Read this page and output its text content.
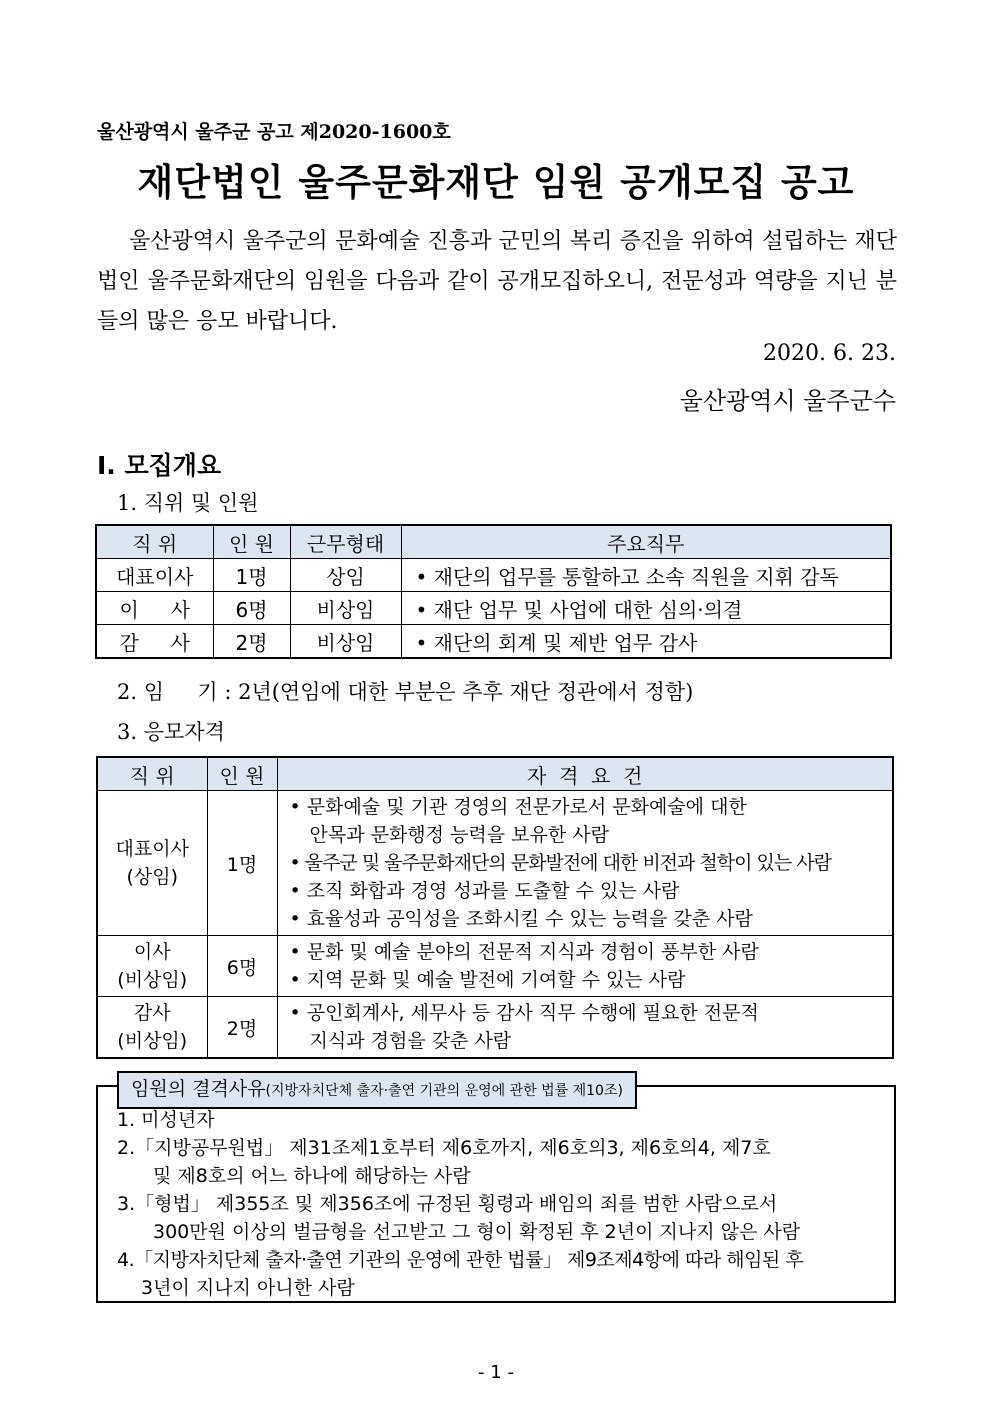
울산광역시 울주군 공고 제2020-1600호
재단법인 울주문화재단 임원 공개모집 공고
울산광역시 울주군의 문화예술 진흥과 군민의 복리 증진을 위하여 설립하는 재단법인 울주문화재단의 임원을 다음과 같이 공개모집하오니, 전문성과 역량을 지닌 분들의 많은 응모 바랍니다.
2020. 6. 23.
울산광역시 울주군수
Ⅰ. 모집개요
1. 직위 및 인원
직 위	인 원	근무형태	주요직무
대표이사	1명	상임	• 재단의 업무를 통할하고 소속 직원을 지휘 감독
이     사	6명	비상임	• 재단 업무 및 사업에 대한 심의·의결
감     사	2명	비상임	• 재단의 회계 및 제반 업무 감사
2. 임     기 : 2년(연임에 대한 부분은 추후 재단 정관에서 정함)
3. 응모자격
직 위	인 원	자  격  요  건

대표이사
(상임)	1명	• 문화예술 및 기관 경영의 전문가로서 문화예술에 대한
안목과 문화행정 능력을 보유한 사람
• 울주군 및 울주문화재단의 문화발전에 대한 비전과 철학이 있는 사람
• 조직 화합과 경영 성과를 도출할 수 있는 사람
• 효율성과 공익성을 조화시킬 수 있는 능력을 갖춘 사람

이사
(비상임)	6명	• 문화 및 예술 분야의 전문적 지식과 경험이 풍부한 사람
• 지역 문화 및 예술 발전에 기여할 수 있는 사람

감사
(비상임)	2명	• 공인회계사, 세무사 등 감사 직무 수행에 필요한 전문적
지식과 경험을 갖춘 사람
임원의 결격사유(지방자치단체 출자·출연 기관의 운영에 관한 법률 제10조)
1. 미성년자
2.「지방공무원법」 제31조제1호부터 제6호까지, 제6호의3, 제6호의4, 제7호
및 제8호의 어느 하나에 해당하는 사람
3.「형법」 제355조 및 제356조에 규정된 횡령과 배임의 죄를 범한 사람으로서
300만원 이상의 벌금형을 선고받고 그 형이 확정된 후 2년이 지나지 않은 사람
4.「지방자치단체 출자·출연 기관의 운영에 관한 법률」 제9조제4항에 따라 해임된 후
3년이 지나지 아니한 사람
- 1 -
